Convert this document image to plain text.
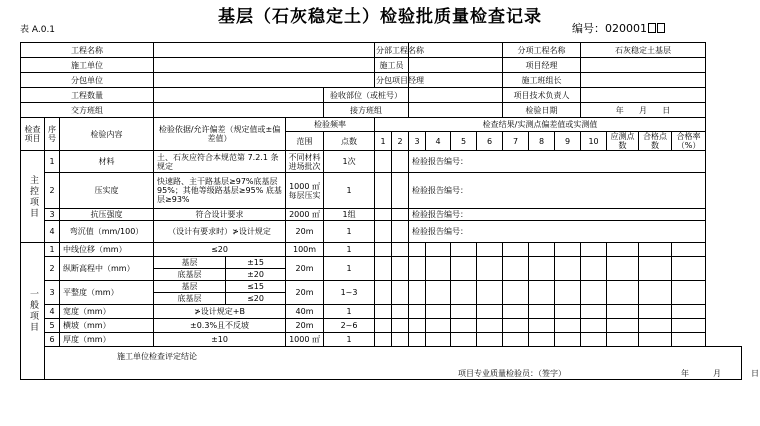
基层（石灰稳定土）检验批质量检查记录
表 A.0.1	编号：020001
工程名称							分部工程名称						分项工程名称			石灰稳定土基层			
施工单位							施工员						项目经理						
分包单位							分包项目经理						施工班组长						
工程数量						验收部位（或桩号）							项目技术负责人						
交方班组						接方班组							检验日期			年 月 日			
检查项目	序号	检验内容	检验依据/允许偏差（规定值或±偏差值）		检验频率		检查结果/实测点偏差值或实测值												
					范围	点数	1	2	3	4	5	6	7	8	9	10	应测点数	合格点数	合格率（%）

主控项目	1	材料	土、石灰应符合本规范第 7.2.1 条规定		不同材料进场批次	1次			检验报告编号：										
	2	压实度	快速路、主干路基层≥97%底基层 95%；其他等级路基层≥95% 底基层≥93%		1000 ㎡每层压实	1			检验报告编号：										
	3	抗压强度	符合设计要求		2000 ㎡	1组			检验报告编号：										
	4	弯沉值（mm/100）	（设计有要求时）≯设计规定		20m	1			检验报告编号：										

一般项目	1	中线位移（mm）	≤20		100m	1													
	2	纵断高程中（mm）	基层	±15	20m	1													
			底基层	±20															
	3	平整度（mm）	基层	≤15	20m	1~3													
			底基层	≤20															
	4	宽度（mm）	≯设计规定+B		40m	1													
	5	横坡（mm）	±0.3%且不反坡		20m	2~6													
	6	厚度（mm）	±10		1000 ㎡	1													

	施工单位检查评定结论
项目专业质量检验员：（签字） 年 月 日																		
